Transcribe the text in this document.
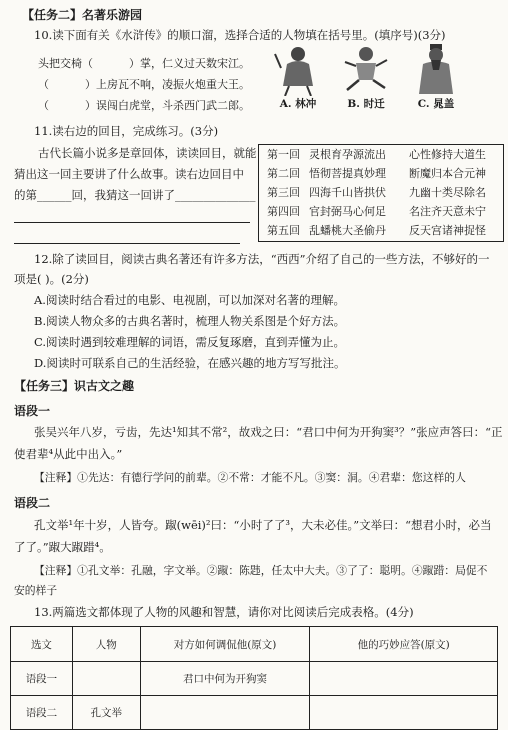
【任务二】名著乐游园
10.读下面有关《水浒传》的顺口溜，选择合适的人物填在括号里。(填序号)(3分)
头把交椅（	）掌，仁义过天数宋江。
（	）上房瓦不响，凌振火炮重大王。
（	）误闯白虎堂，斗杀西门武二郎。	A. 林冲	B. 时迁	C. 晁盖
11.读右边的回目，完成练习。(3分)
古代长篇小说多是章回体，读读回目，就能
猜出这一回主要讲了什么故事。读右边回目中
的第______回，我猜这一回讲了______________
第一回 灵根育孕源流出	心性修持大道生
第二回 悟彻菩提真妙理	断魔归本合元神
第三回 四海千山皆拱伏	九幽十类尽除名
第四回 官封弼马心何足	名注齐天意未宁
第五回 乱蟠桃大圣偷丹	反天宫诸神捉怪
12.除了读回目，阅读古典名著还有许多方法，“西西”介绍了自己的一些方法，不够好的一
项是( )。(2分)
A.阅读时结合看过的电影、电视剧，可以加深对名著的理解。
B.阅读人物众多的古典名著时，梳理人物关系图是个好方法。
C.阅读时遇到较难理解的词语，需反复琢磨，直到弄懂为止。
D.阅读时可联系自己的生活经验，在感兴趣的地方写写批注。
【任务三】识古文之趣
语段一
张吴兴年八岁，亏齿，先达¹知其不常²，故戏之曰：“君口中何为开狗窦³？”张应声答曰：“正
使君辈⁴从此中出入。”
【注释】①先达：有德行学问的前辈。②不常：才能不凡。③窦：洞。④君辈：您这样的人
语段二
孔文举¹年十岁，人皆夸。踧(wēi)²曰：“小时了了³，大未必佳。”文举曰：“想君小时，必当
了了。”踧大踧踖⁴。
【注释】①孔文举：孔融，字文举。②踧：陈韪，任太中大夫。③了了：聪明。④踧踖：局促不
安的样子
13.两篇选文都体现了人物的风趣和智慧，请你对比阅读后完成表格。(4分)
选文	人物	对方如何调侃他(原文)	他的巧妙应答(原文)
语段一		君口中何为开狗窦	
语段二	孔文举		
